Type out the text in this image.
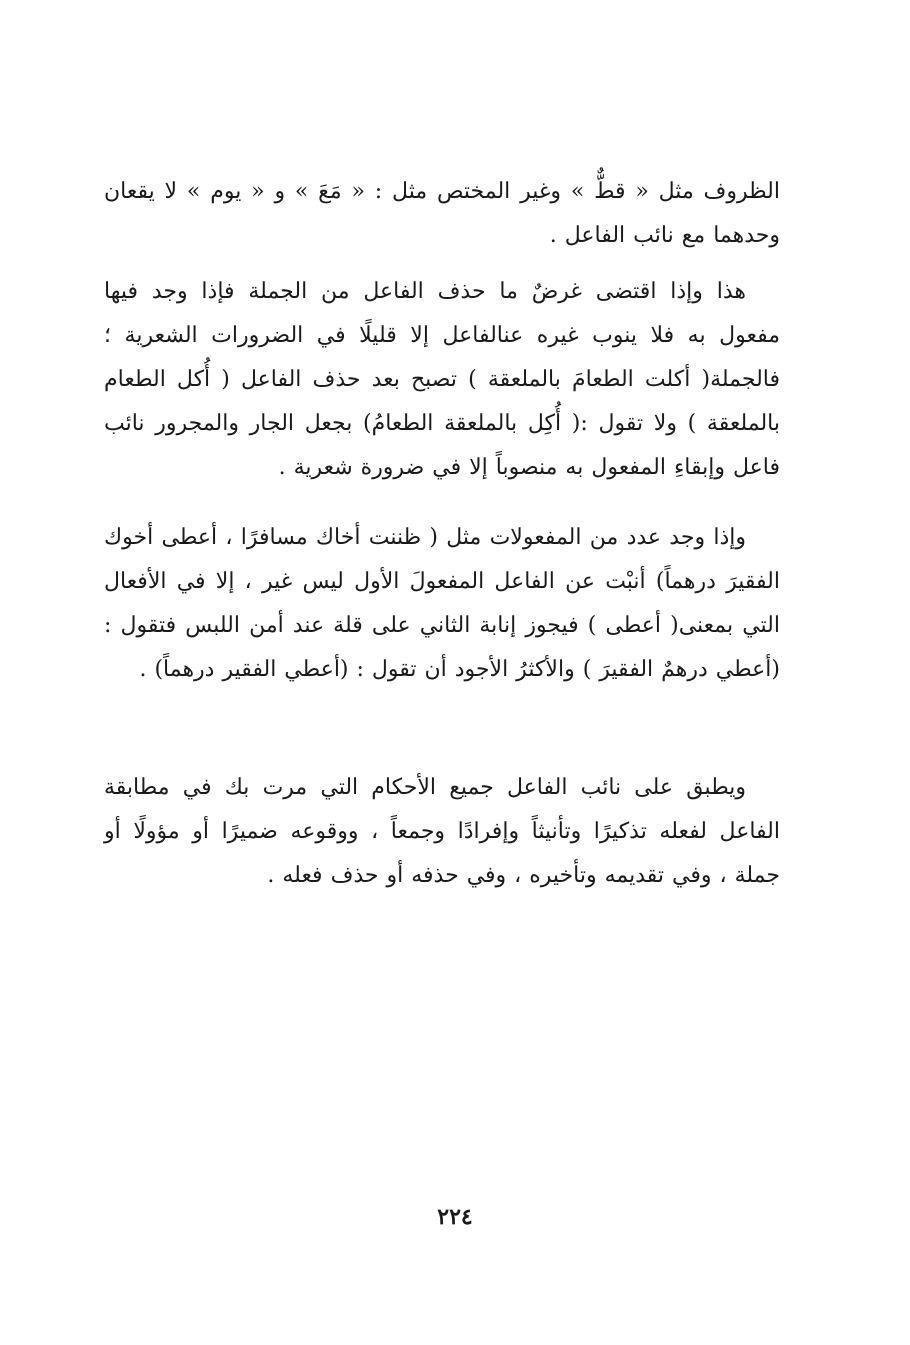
الظروف مثل « قطٌّ » وغير المختص مثل : « مَعَ » و « يوم » لا يقعان وحدهما مع نائب الفاعل .

هذا وإذا اقتضى غرضٌ ما حذف الفاعل من الجملة فإذا وجد فيها مفعول به فلا ينوب غيره عنالفاعل إلا قليلًا في الضرورات الشعرية ؛ فالجملة( أكلت الطعامَ بالملعقة ) تصبح بعد حذف الفاعل ( أُكل الطعام بالملعقة ) ولا تقول :( أُكِل بالملعقة الطعامُ) بجعل الجار والمجرور نائب فاعل وإبقاءِ المفعول به منصوباً إلا في ضرورة شعرية .

وإذا وجد عدد من المفعولات مثل ( ظننت أخاك مسافرًا ، أعطى أخوك الفقيرَ درهماً) أنبْت عن الفاعل المفعولَ الأول ليس غير ، إلا في الأفعال التي بمعنى( أعطى ) فيجوز إنابة الثاني على قلة عند أمن اللبس فتقول : (أعطي درهمٌ الفقيرَ ) والأكثرُ الأجود أن تقول : (أعطي الفقير درهماً) .

ويطبق على نائب الفاعل جميع الأحكام التي مرت بك في مطابقة الفاعل لفعله تذكيرًا وتأنيثاً وإفرادًا وجمعاً ، ووقوعه ضميرًا أو مؤولًا أو جملة ، وفي تقديمه وتأخيره ، وفي حذفه أو حذف فعله .

٢٢٤
